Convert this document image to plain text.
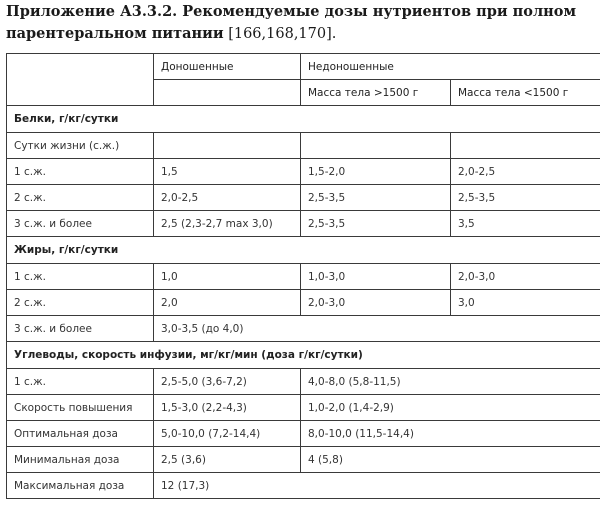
Приложение А3.3.2. Рекомендуемые дозы нутриентов при полном парентеральном питании [166,168,170].
	Доношенные	Недоношенные	
		Масса тела >1500 г	Масса тела <1500 г
Белки, г/кг/сутки			
Сутки жизни (с.ж.)			
1 с.ж.	1,5	1,5-2,0	2,0-2,5
2 с.ж.	2,0-2,5	2,5-3,5	2,5-3,5
3 с.ж. и более	2,5 (2,3-2,7 max 3,0)	2,5-3,5	3,5
Жиры, г/кг/сутки			
1 с.ж.	1,0	1,0-3,0	2,0-3,0
2 с.ж.	2,0	2,0-3,0	3,0
3 с.ж. и более	3,0-3,5 (до 4,0)		
Углеводы, скорость инфузии, мг/кг/мин (доза г/кг/сутки)			
1 с.ж.	2,5-5,0 (3,6-7,2)	4,0-8,0 (5,8-11,5)	
Скорость повышения	1,5-3,0 (2,2-4,3)	1,0-2,0 (1,4-2,9)	
Оптимальная доза	5,0-10,0 (7,2-14,4)	8,0-10,0 (11,5-14,4)	
Минимальная доза	2,5 (3,6)	4 (5,8)	
Максимальная доза	12 (17,3)		
